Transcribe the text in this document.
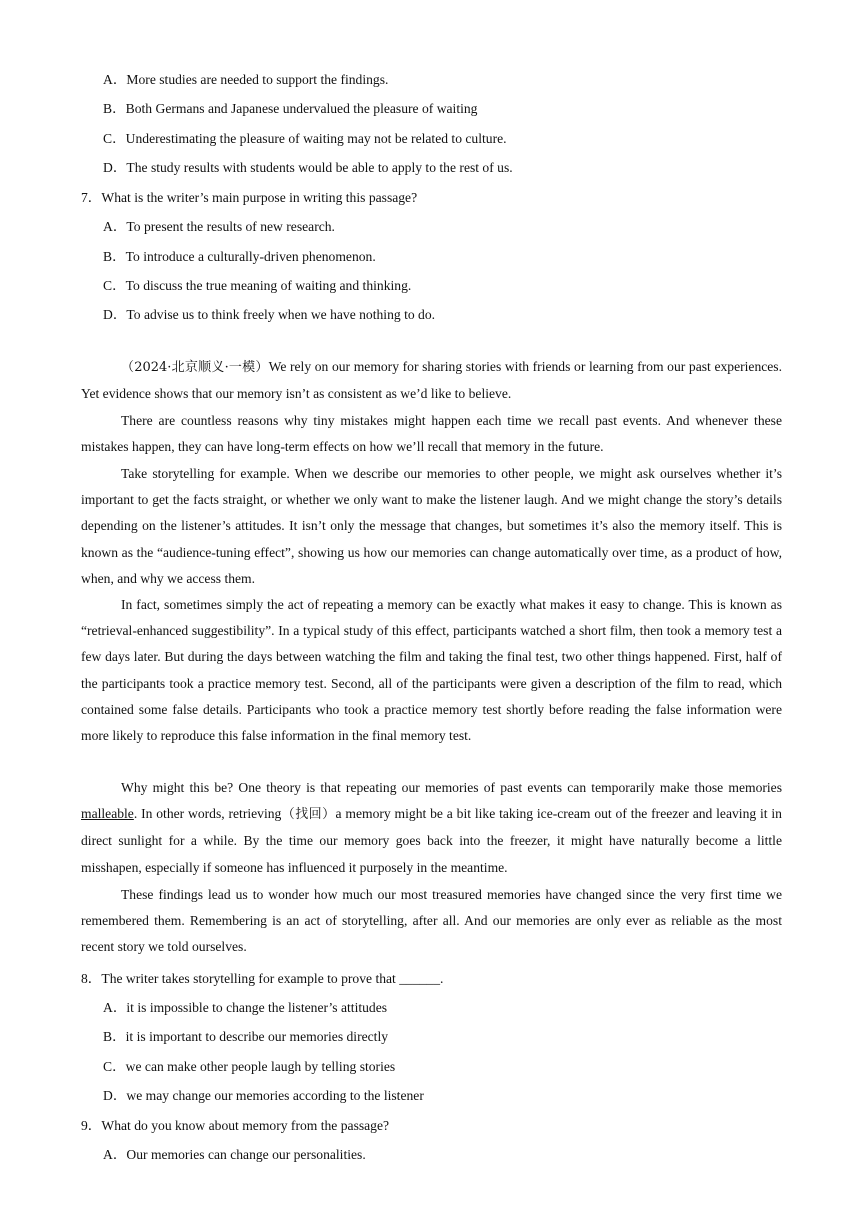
A．More studies are needed to support the findings.
B．Both Germans and Japanese undervalued the pleasure of waiting
C．Underestimating the pleasure of waiting may not be related to culture.
D．The study results with students would be able to apply to the rest of us.
7．What is the writer’s main purpose in writing this passage?
A．To present the results of new research.
B．To introduce a culturally-driven phenomenon.
C．To discuss the true meaning of waiting and thinking.
D．To advise us to think freely when we have nothing to do.

（2024·北京顺义·一模）We rely on our memory for sharing stories with friends or learning from our past experiences. Yet evidence shows that our memory isn’t as consistent as we’d like to believe.

There are countless reasons why tiny mistakes might happen each time we recall past events. And whenever these mistakes happen, they can have long-term effects on how we’ll recall that memory in the future.

Take storytelling for example. When we describe our memories to other people, we might ask ourselves whether it’s important to get the facts straight, or whether we only want to make the listener laugh. And we might change the story’s details depending on the listener’s attitudes. It isn’t only the message that changes, but sometimes it’s also the memory itself. This is known as the “audience-tuning effect”, showing us how our memories can change automatically over time, as a product of how, when, and why we access them.

In fact, sometimes simply the act of repeating a memory can be exactly what makes it easy to change. This is known as “retrieval-enhanced suggestibility”. In a typical study of this effect, participants watched a short film, then took a memory test a few days later. But during the days between watching the film and taking the final test, two other things happened. First, half of the participants took a practice memory test. Second, all of the participants were given a description of the film to read, which contained some false details. Participants who took a practice memory test shortly before reading the false information were more likely to reproduce this false information in the final memory test.

Why might this be? One theory is that repeating our memories of past events can temporarily make those memories malleable. In other words, retrieving（找回）a memory might be a bit like taking ice-cream out of the freezer and leaving it in direct sunlight for a while. By the time our memory goes back into the freezer, it might have naturally become a little misshapen, especially if someone has influenced it purposely in the meantime.

These findings lead us to wonder how much our most treasured memories have changed since the very first time we remembered them. Remembering is an act of storytelling, after all. And our memories are only ever as reliable as the most recent story we told ourselves.

8．The writer takes storytelling for example to prove that ______.
A．it is impossible to change the listener’s attitudes
B．it is important to describe our memories directly
C．we can make other people laugh by telling stories
D．we may change our memories according to the listener
9．What do you know about memory from the passage?
A．Our memories can change our personalities.
